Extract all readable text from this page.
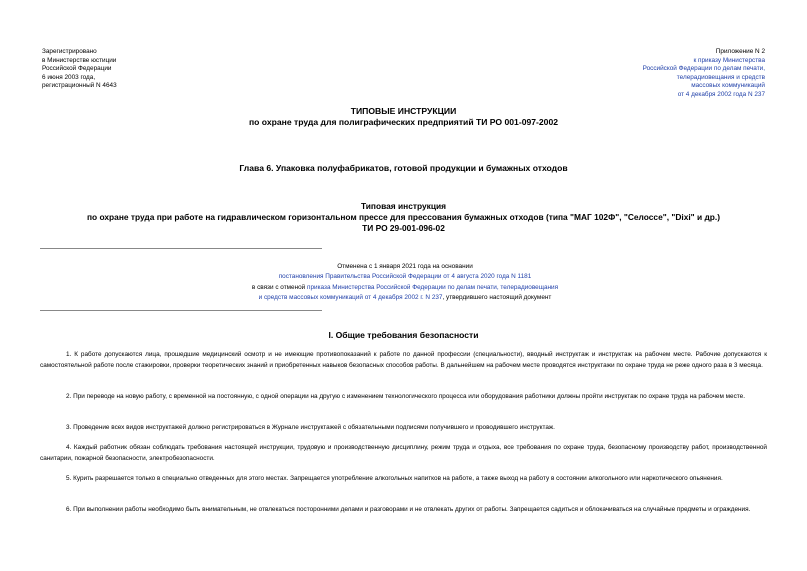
Зарегистрировано
в Министерстве юстиции
Российской Федерации
6 июня 2003 года,
регистрационный N 4643
Приложение N 2
к приказу Министерства
Российской Федерации по делам печати,
телерадиовещания и средств
массовых коммуникаций
от 4 декабря 2002 года N 237
ТИПОВЫЕ ИНСТРУКЦИИ
по охране труда для полиграфических предприятий ТИ РО 001-097-2002
Глава 6. Упаковка полуфабрикатов, готовой продукции и бумажных отходов
Типовая инструкция
по охране труда при работе на гидравлическом горизонтальном прессе для прессования бумажных отходов (типа "МАГ 102Ф", "Селоссе", "Dixi" и др.)
ТИ РО 29-001-096-02
Отменена с 1 января 2021 года на основании
постановления Правительства Российской Федерации от 4 августа 2020 года N 1181
в связи с отменой приказа Министерства Российской Федерации по делам печати, телерадиовещания
и средств массовых коммуникаций от 4 декабря 2002 г. N 237, утвердившего настоящий документ
I. Общие требования безопасности

1. К работе допускаются лица, прошедшие медицинский осмотр и не имеющие противопоказаний к работе по данной профессии (специальности), вводный инструктаж и инструктаж на рабочем месте. Рабочие допускаются к самостоятельной работе после стажировки, проверки теоретических знаний и приобретенных навыков безопасных способов работы. В дальнейшем на рабочем месте проводятся инструктажи по охране труда не реже одного раза в 3 месяца.

2. При переводе на новую работу, с временной на постоянную, с одной операции на другую с изменением технологического процесса или оборудования работники должны пройти инструктаж по охране труда на рабочем месте.

3. Проведение всех видов инструктажей должно регистрироваться в Журнале инструктажей с обязательными подписями получившего и проводившего инструктаж.

4. Каждый работник обязан соблюдать требования настоящей инструкции, трудовую и производственную дисциплину, режим труда и отдыха, все требования по охране труда, безопасному производству работ, производственной санитарии, пожарной безопасности, электробезопасности.

5. Курить разрешается только в специально отведенных для этого местах. Запрещается употребление алкогольных напитков на работе, а также выход на работу в состоянии алкогольного или наркотического опьянения.

6. При выполнении работы необходимо быть внимательным, не отвлекаться посторонними делами и разговорами и не отвлекать других от работы. Запрещается садиться и облокачиваться на случайные предметы и ограждения.
